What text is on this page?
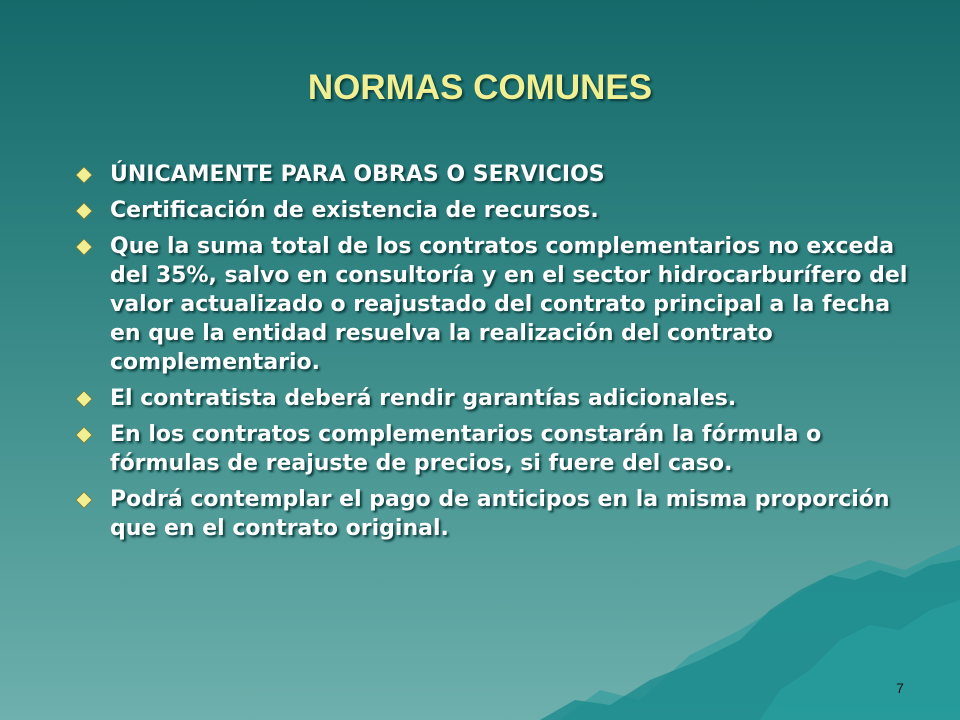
NORMAS COMUNES
ÚNICAMENTE PARA OBRAS O SERVICIOS
Certificación de existencia de recursos.
Que la suma total de los contratos complementarios no exceda del 35%, salvo en consultoría y en el sector hidrocarburífero del valor actualizado o reajustado del contrato principal a la fecha en que la entidad resuelva la realización del contrato complementario.
El contratista deberá rendir garantías adicionales.
En los contratos complementarios constarán la fórmula o fórmulas de reajuste de precios, si fuere del caso.
Podrá contemplar el pago de anticipos en la misma proporción que en el contrato original.
7
